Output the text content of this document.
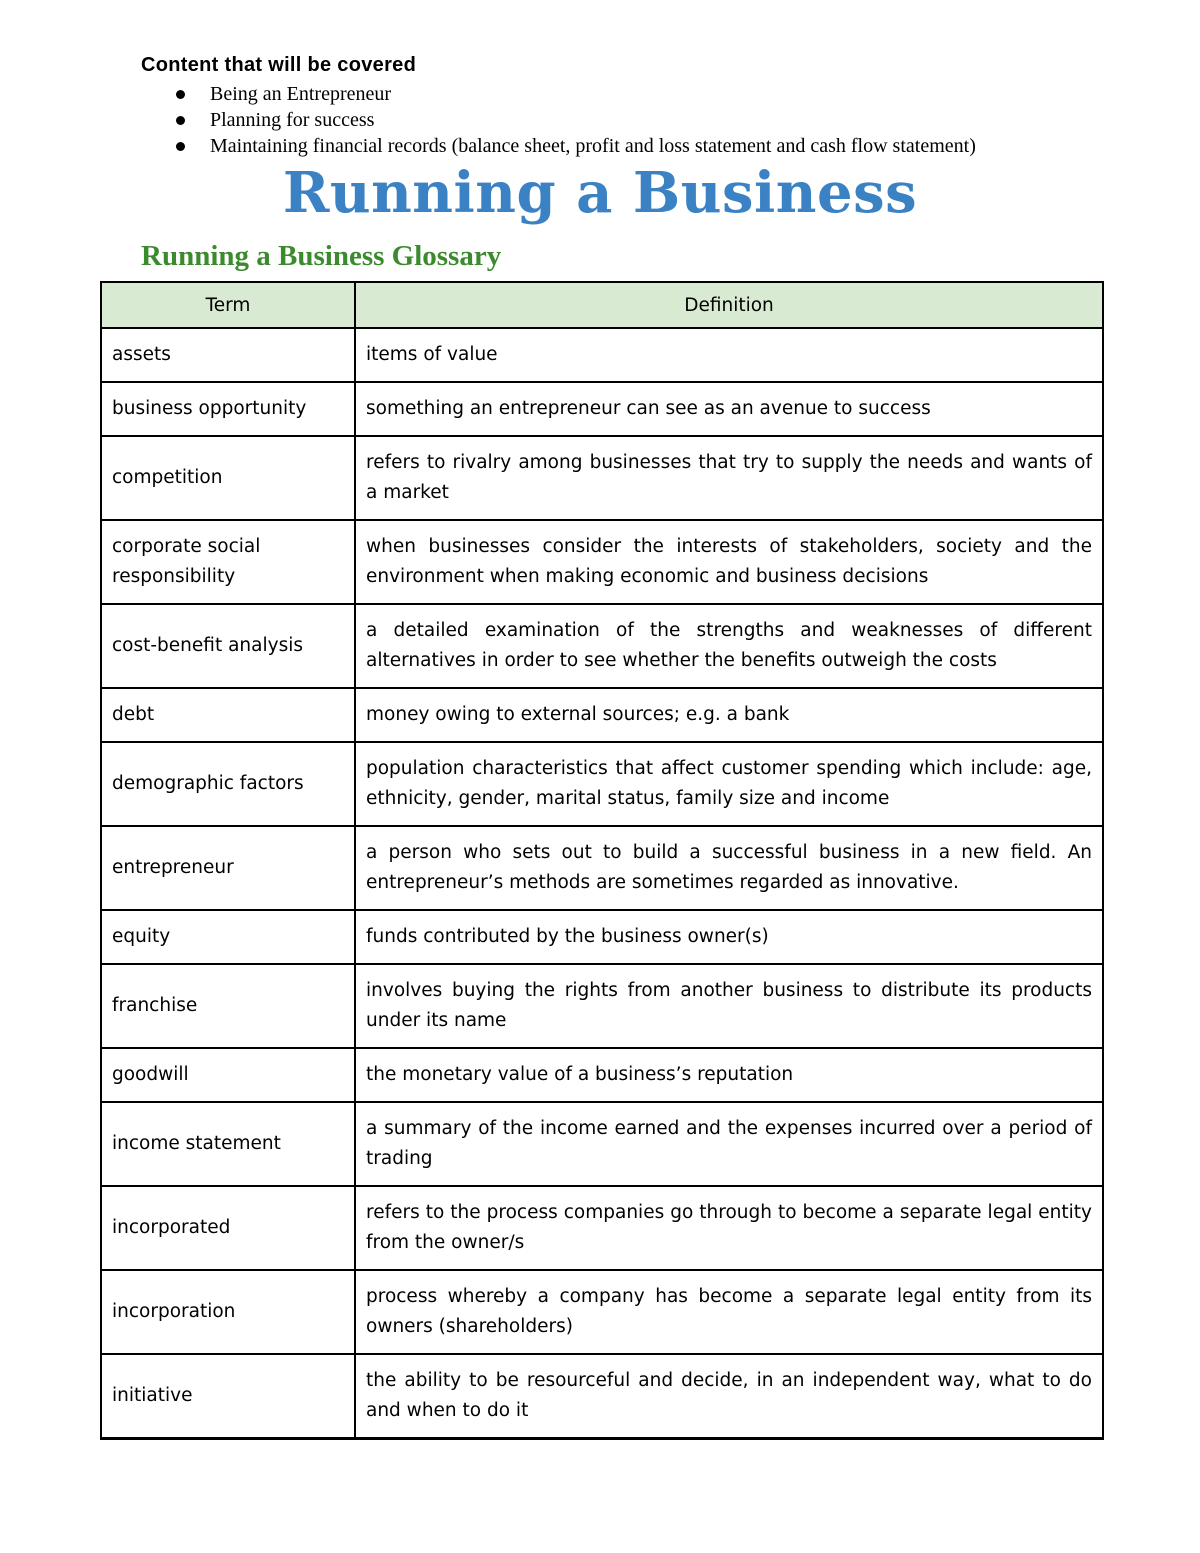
Content that will be covered
Being an Entrepreneur
Planning for success
Maintaining financial records (balance sheet, profit and loss statement and cash flow statement)
Running a Business
Running a Business Glossary
Term	Definition
assets	items of value
business opportunity	something an entrepreneur can see as an avenue to success
competition	refers to rivalry among businesses that try to supply the needs and wants of a market
corporate social responsibility	when businesses consider the interests of stakeholders, society and the environment when making economic and business decisions
cost-benefit analysis	a detailed examination of the strengths and weaknesses of different alternatives in order to see whether the benefits outweigh the costs
debt	money owing to external sources; e.g. a bank
demographic factors	population characteristics that affect customer spending which include: age, ethnicity, gender, marital status, family size and income
entrepreneur	a person who sets out to build a successful business in a new field. An entrepreneur’s methods are sometimes regarded as innovative.
equity	funds contributed by the business owner(s)
franchise	involves buying the rights from another business to distribute its products under its name
goodwill	the monetary value of a business’s reputation
income statement	a summary of the income earned and the expenses incurred over a period of trading
incorporated	refers to the process companies go through to become a separate legal entity from the owner/s
incorporation	process whereby a company has become a separate legal entity from its owners (shareholders)
initiative	the ability to be resourceful and decide, in an independent way, what to do and when to do it
